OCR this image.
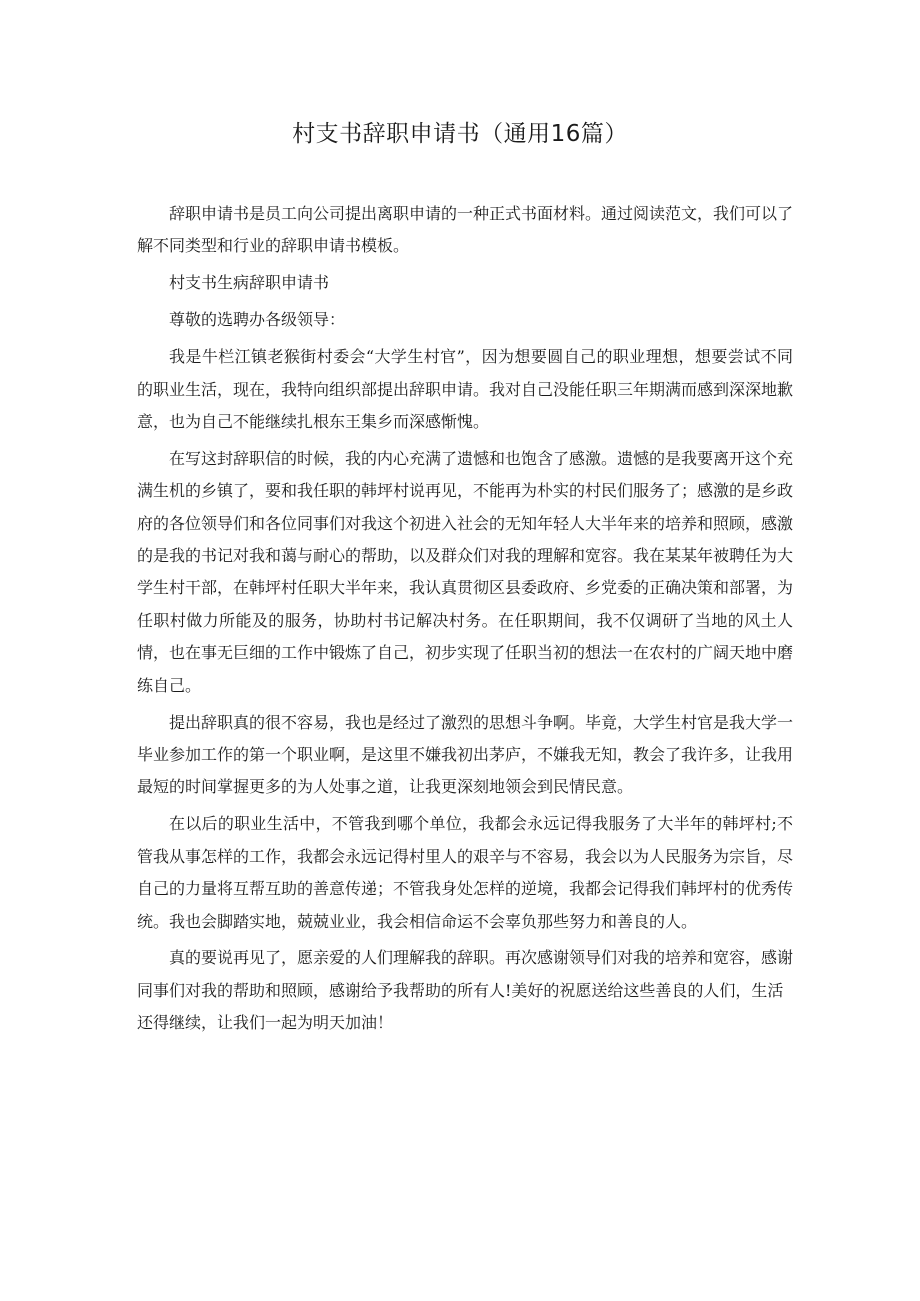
村支书辞职申请书（通用16篇）

辞职申请书是员工向公司提出离职申请的一种正式书面材料。通过阅读范文，我们可以了解不同类型和行业的辞职申请书模板。

村支书生病辞职申请书

尊敬的选聘办各级领导：

我是牛栏江镇老猴街村委会“大学生村官”，因为想要圆自己的职业理想，想要尝试不同的职业生活，现在，我特向组织部提出辞职申请。我对自己没能任职三年期满而感到深深地歉意，也为自己不能继续扎根东王集乡而深感惭愧。

在写这封辞职信的时候，我的内心充满了遗憾和也饱含了感激。遗憾的是我要离开这个充满生机的乡镇了，要和我任职的韩坪村说再见，不能再为朴实的村民们服务了；感激的是乡政府的各位领导们和各位同事们对我这个初进入社会的无知年轻人大半年来的培养和照顾，感激的是我的书记对我和蔼与耐心的帮助，以及群众们对我的理解和宽容。我在某某年被聘任为大学生村干部，在韩坪村任职大半年来，我认真贯彻区县委政府、乡党委的正确决策和部署，为任职村做力所能及的服务，协助村书记解决村务。在任职期间，我不仅调研了当地的风土人情，也在事无巨细的工作中锻炼了自己，初步实现了任职当初的想法一在农村的广阔天地中磨练自己。

提出辞职真的很不容易，我也是经过了激烈的思想斗争啊。毕竟，大学生村官是我大学一毕业参加工作的第一个职业啊，是这里不嫌我初出茅庐，不嫌我无知，教会了我许多，让我用最短的时间掌握更多的为人处事之道，让我更深刻地领会到民情民意。

在以后的职业生活中，不管我到哪个单位，我都会永远记得我服务了大半年的韩坪村;不管我从事怎样的工作，我都会永远记得村里人的艰辛与不容易，我会以为人民服务为宗旨，尽自己的力量将互帮互助的善意传递；不管我身处怎样的逆境，我都会记得我们韩坪村的优秀传统。我也会脚踏实地，兢兢业业，我会相信命运不会辜负那些努力和善良的人。

真的要说再见了，愿亲爱的人们理解我的辞职。再次感谢领导们对我的培养和宽容，感谢同事们对我的帮助和照顾，感谢给予我帮助的所有人!美好的祝愿送给这些善良的人们，生活还得继续，让我们一起为明天加油！
